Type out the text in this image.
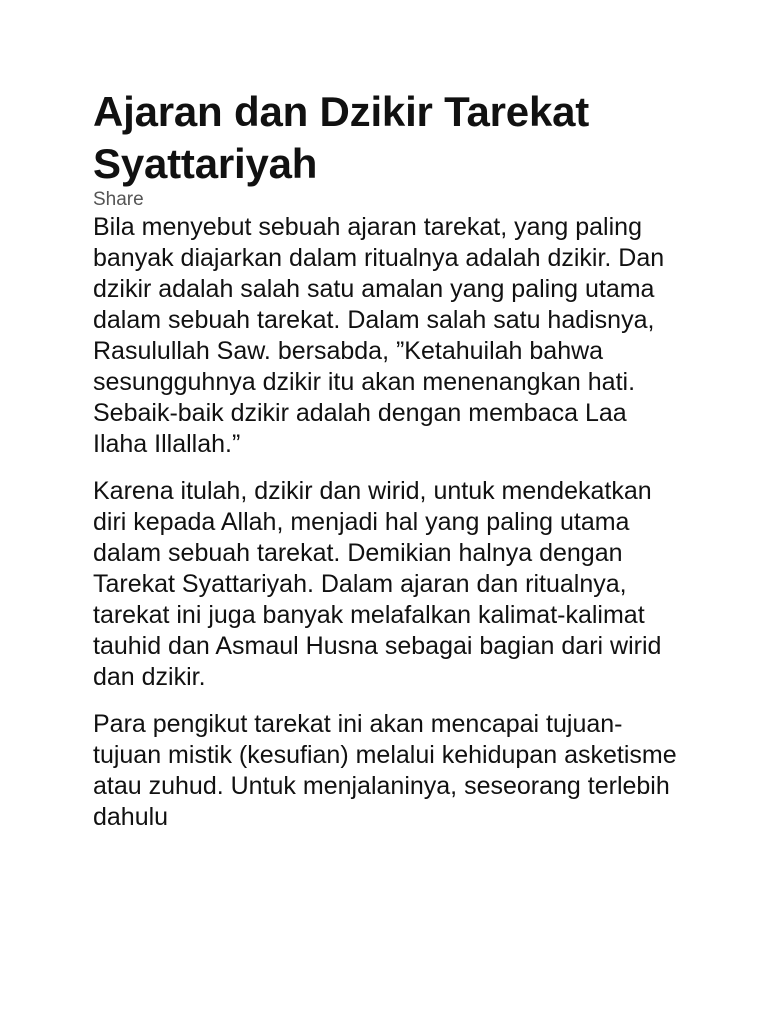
Ajaran dan Dzikir Tarekat Syattariyah
Share

Bila menyebut sebuah ajaran tarekat, yang paling banyak diajarkan dalam ritualnya adalah dzikir. Dan dzikir adalah salah satu amalan yang paling utama dalam sebuah tarekat. Dalam salah satu hadisnya, Rasulullah Saw. bersabda, ”Ketahuilah bahwa sesungguhnya dzikir itu akan menenangkan hati. Sebaik-baik dzikir adalah dengan membaca Laa Ilaha Illallah.”

Karena itulah, dzikir dan wirid, untuk mendekatkan diri kepada Allah, menjadi hal yang paling utama dalam sebuah tarekat. Demikian halnya dengan Tarekat Syattariyah. Dalam ajaran dan ritualnya, tarekat ini juga banyak melafalkan kalimat-kalimat tauhid dan Asmaul Husna sebagai bagian dari wirid dan dzikir.

Para pengikut tarekat ini akan mencapai tujuan-tujuan mistik (kesufian) melalui kehidupan asketisme atau zuhud. Untuk menjalaninya, seseorang terlebih dahulu
